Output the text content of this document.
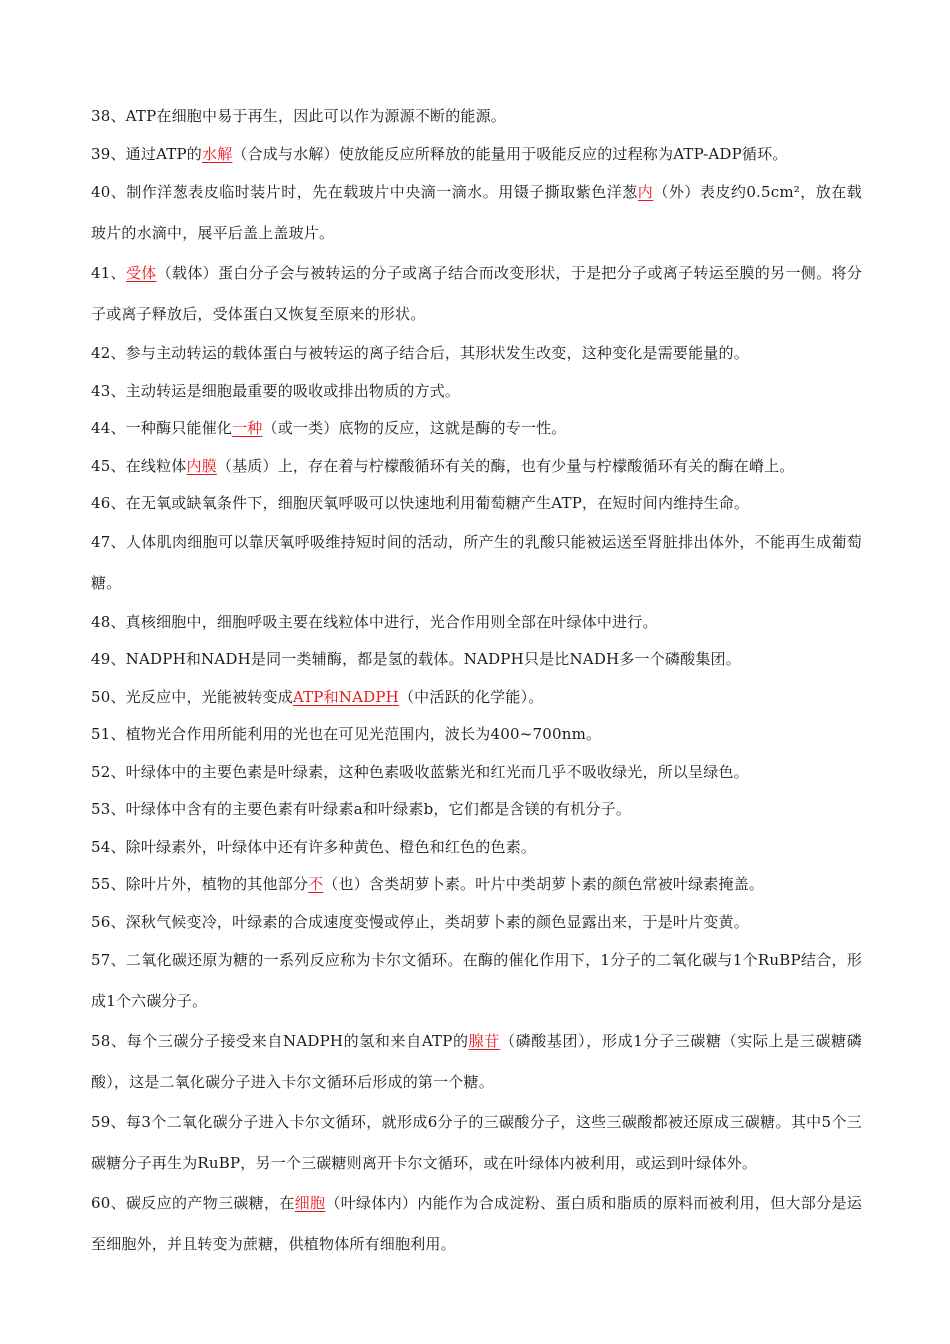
38、ATP在细胞中易于再生，因此可以作为源源不断的能源。

39、通过ATP的水解（合成与水解）使放能反应所释放的能量用于吸能反应的过程称为ATP-ADP循环。

40、制作洋葱表皮临时装片时，先在载玻片中央滴一滴水。用镊子撕取紫色洋葱内（外）表皮约0.5cm²，放在载玻片的水滴中，展平后盖上盖玻片。

41、受体（载体）蛋白分子会与被转运的分子或离子结合而改变形状，于是把分子或离子转运至膜的另一侧。将分子或离子释放后，受体蛋白又恢复至原来的形状。

42、参与主动转运的载体蛋白与被转运的离子结合后，其形状发生改变，这种变化是需要能量的。

43、主动转运是细胞最重要的吸收或排出物质的方式。

44、一种酶只能催化一种（或一类）底物的反应，这就是酶的专一性。

45、在线粒体内膜（基质）上，存在着与柠檬酸循环有关的酶，也有少量与柠檬酸循环有关的酶在嵴上。

46、在无氧或缺氧条件下，细胞厌氧呼吸可以快速地利用葡萄糖产生ATP，在短时间内维持生命。

47、人体肌肉细胞可以靠厌氧呼吸维持短时间的活动，所产生的乳酸只能被运送至肾脏排出体外，不能再生成葡萄糖。

48、真核细胞中，细胞呼吸主要在线粒体中进行，光合作用则全部在叶绿体中进行。

49、NADPH和NADH是同一类辅酶，都是氢的载体。NADPH只是比NADH多一个磷酸集团。

50、光反应中，光能被转变成ATP和NADPH（中活跃的化学能）。

51、植物光合作用所能利用的光也在可见光范围内，波长为400~700nm。

52、叶绿体中的主要色素是叶绿素，这种色素吸收蓝紫光和红光而几乎不吸收绿光，所以呈绿色。

53、叶绿体中含有的主要色素有叶绿素a和叶绿素b，它们都是含镁的有机分子。

54、除叶绿素外，叶绿体中还有许多种黄色、橙色和红色的色素。

55、除叶片外，植物的其他部分不（也）含类胡萝卜素。叶片中类胡萝卜素的颜色常被叶绿素掩盖。

56、深秋气候变冷，叶绿素的合成速度变慢或停止，类胡萝卜素的颜色显露出来，于是叶片变黄。

57、二氧化碳还原为糖的一系列反应称为卡尔文循环。在酶的催化作用下，1分子的二氧化碳与1个RuBP结合，形成1个六碳分子。

58、每个三碳分子接受来自NADPH的氢和来自ATP的腺苷（磷酸基团），形成1分子三碳糖（实际上是三碳糖磷酸），这是二氧化碳分子进入卡尔文循环后形成的第一个糖。

59、每3个二氧化碳分子进入卡尔文循环，就形成6分子的三碳酸分子，这些三碳酸都被还原成三碳糖。其中5个三碳糖分子再生为RuBP，另一个三碳糖则离开卡尔文循环，或在叶绿体内被利用，或运到叶绿体外。

60、碳反应的产物三碳糖，在细胞（叶绿体内）内能作为合成淀粉、蛋白质和脂质的原料而被利用，但大部分是运至细胞外，并且转变为蔗糖，供植物体所有细胞利用。
